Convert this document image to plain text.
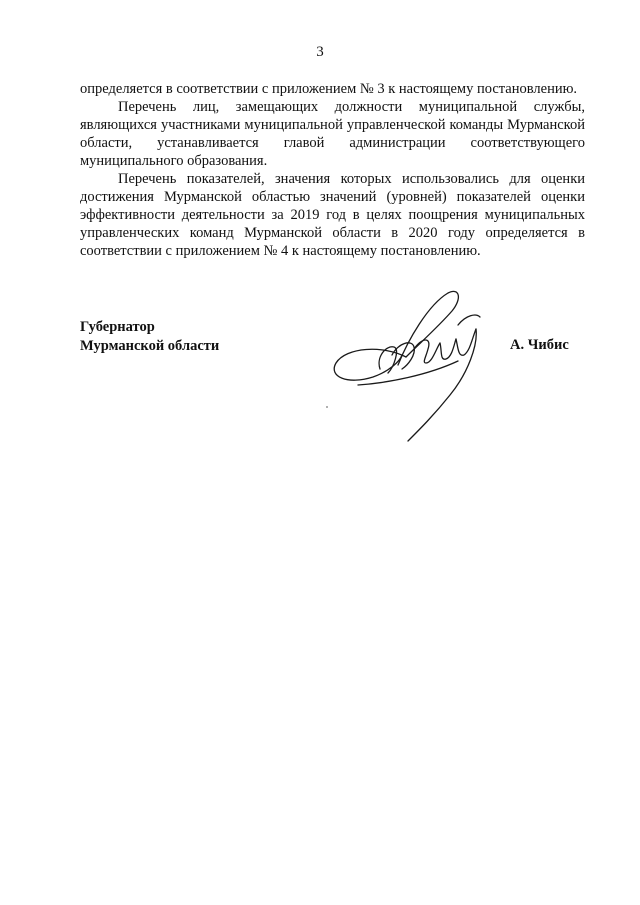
3

определяется в соответствии с приложением № 3 к настоящему постановлению.

Перечень лиц, замещающих должности муниципальной службы, являющихся участниками муниципальной управленческой команды Мурманской области, устанавливается главой администрации соответствующего муниципального образования.

Перечень показателей, значения которых использовались для оценки достижения Мурманской областью значений (уровней) показателей оценки эффективности деятельности за 2019 год в целях поощрения муниципальных управленческих команд Мурманской области в 2020 году определяется в соответствии с приложением № 4 к настоящему постановлению.

Губернатор
Мурманской области	А. Чибис
